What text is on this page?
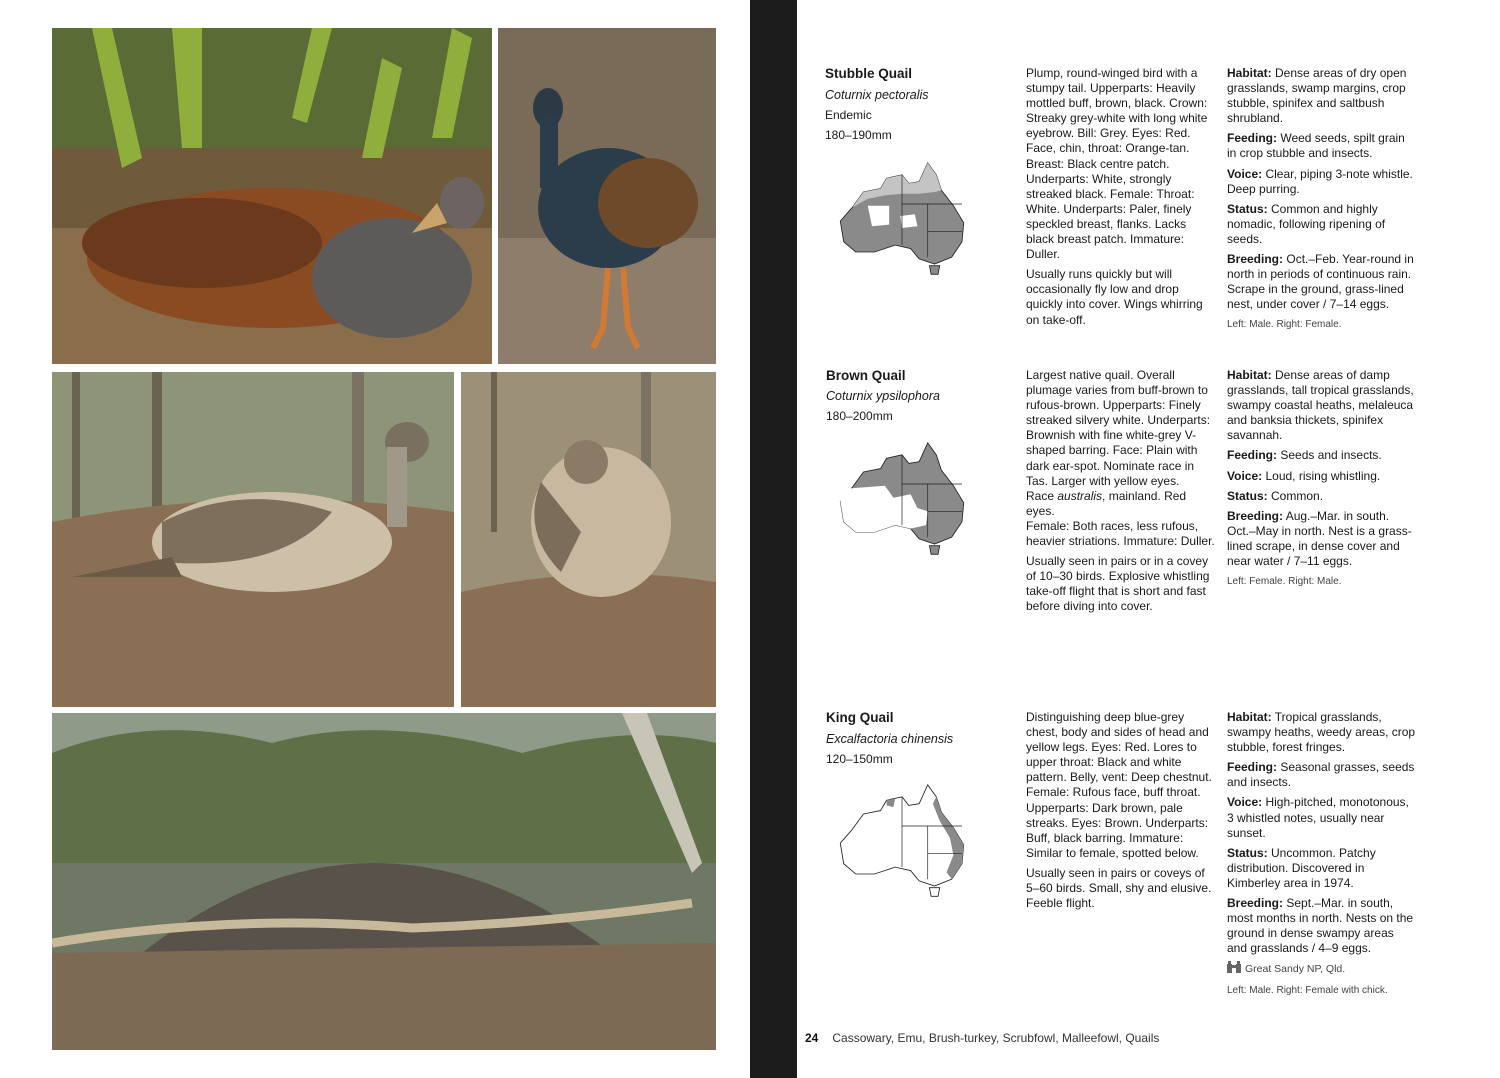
Stubble Quail
Coturnix pectoralis
Endemic
180–190mm

Plump, round-winged bird with a stumpy tail. Upperparts: Heavily mottled buff, brown, black. Crown: Streaky grey-white with long white eyebrow. Bill: Grey. Eyes: Red. Face, chin, throat: Orange-tan. Breast: Black centre patch. Underparts: White, strongly streaked black. Female: Throat: White. Underparts: Paler, finely speckled breast, flanks. Lacks black breast patch. Immature: Duller.

Usually runs quickly but will occasionally fly low and drop quickly into cover. Wings whirring on take-off.

Habitat: Dense areas of dry open grasslands, swamp margins, crop stubble, spinifex and saltbush shrubland.

Feeding: Weed seeds, spilt grain in crop stubble and insects.

Voice: Clear, piping 3-note whistle. Deep purring.

Status: Common and highly nomadic, following ripening of seeds.

Breeding: Oct.–Feb. Year-round in north in periods of continuous rain. Scrape in the ground, grass-lined nest, under cover / 7–14 eggs.

Left: Male. Right: Female.
Brown Quail
Coturnix ypsilophora
180–200mm

Largest native quail. Overall plumage varies from buff-brown to rufous-brown. Upperparts: Finely streaked silvery white. Underparts: Brownish with fine white-grey V-shaped barring. Face: Plain with dark ear-spot. Nominate race in Tas. Larger with yellow eyes.
Race australis, mainland. Red eyes.
Female: Both races, less rufous, heavier striations. Immature: Duller.

Usually seen in pairs or in a covey of 10–30 birds. Explosive whistling take-off flight that is short and fast before diving into cover.

Habitat: Dense areas of damp grasslands, tall tropical grasslands, swampy coastal heaths, melaleuca and banksia thickets, spinifex savannah.

Feeding: Seeds and insects.

Voice: Loud, rising whistling.

Status: Common.

Breeding: Aug.–Mar. in south. Oct.–May in north. Nest is a grass-lined scrape, in dense cover and near water / 7–11 eggs.

Left: Female. Right: Male.
King Quail
Excalfactoria chinensis
120–150mm

Distinguishing deep blue-grey chest, body and sides of head and yellow legs. Eyes: Red. Lores to upper throat: Black and white pattern. Belly, vent: Deep chestnut.
Female: Rufous face, buff throat. Upperparts: Dark brown, pale streaks. Eyes: Brown. Underparts: Buff, black barring. Immature: Similar to female, spotted below.

Usually seen in pairs or coveys of 5–60 birds. Small, shy and elusive. Feeble flight.

Habitat: Tropical grasslands, swampy heaths, weedy areas, crop stubble, forest fringes.

Feeding: Seasonal grasses, seeds and insects.

Voice: High-pitched, monotonous, 3 whistled notes, usually near sunset.

Status: Uncommon. Patchy distribution. Discovered in Kimberley area in 1974.

Breeding: Sept.–Mar. in south, most months in north. Nests on the ground in dense swampy areas and grasslands / 4–9 eggs.

Great Sandy NP, Qld.
Left: Male. Right: Female with chick.
24 Cassowary, Emu, Brush-turkey, Scrubfowl, Malleefowl, Quails
